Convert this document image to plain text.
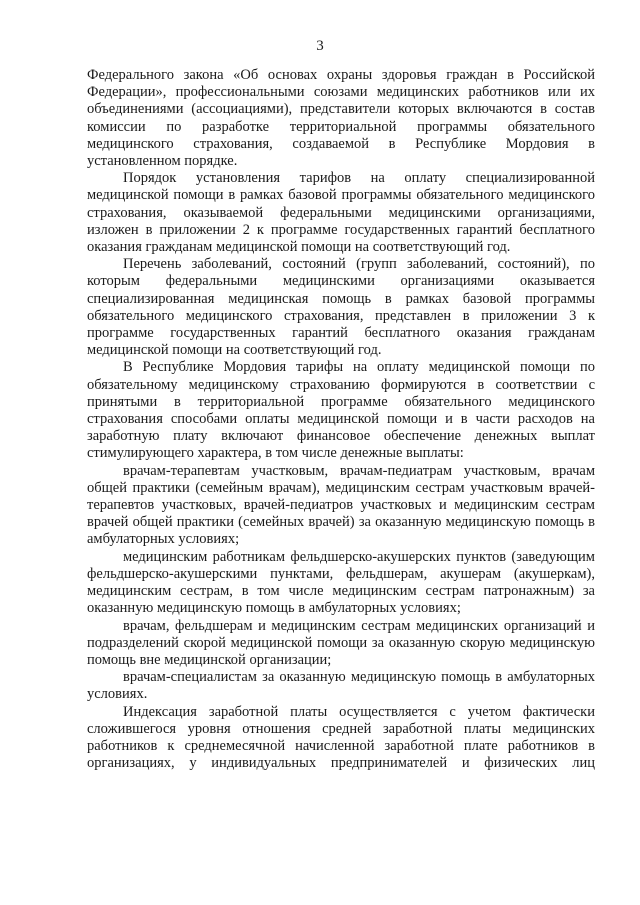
3

Федерального закона «Об основах охраны здоровья граждан в Российской Федерации», профессиональными союзами медицинских работников или их объединениями (ассоциациями), представители которых включаются в состав комиссии по разработке территориальной программы обязательного медицинского страхования, создаваемой в Республике Мордовия в установленном порядке.

Порядок установления тарифов на оплату специализированной медицинской помощи в рамках базовой программы обязательного медицинского страхования, оказываемой федеральными медицинскими организациями, изложен в приложении 2 к программе государственных гарантий бесплатного оказания гражданам медицинской помощи на соответствующий год.

Перечень заболеваний, состояний (групп заболеваний, состояний), по которым федеральными медицинскими организациями оказывается специализированная медицинская помощь в рамках базовой программы обязательного медицинского страхования, представлен в приложении 3 к программе государственных гарантий бесплатного оказания гражданам медицинской помощи на соответствующий год.

В Республике Мордовия тарифы на оплату медицинской помощи по обязательному медицинскому страхованию формируются в соответствии с принятыми в территориальной программе обязательного медицинского страхования способами оплаты медицинской помощи и в части расходов на заработную плату включают финансовое обеспечение денежных выплат стимулирующего характера, в том числе денежные выплаты:

врачам-терапевтам участковым, врачам-педиатрам участковым, врачам общей практики (семейным врачам), медицинским сестрам участковым врачей-терапевтов участковых, врачей-педиатров участковых и медицинским сестрам врачей общей практики (семейных врачей) за оказанную медицинскую помощь в амбулаторных условиях;

медицинским работникам фельдшерско-акушерских пунктов (заведующим фельдшерско-акушерскими пунктами, фельдшерам, акушерам (акушеркам), медицинским сестрам, в том числе медицинским сестрам патронажным) за оказанную медицинскую помощь в амбулаторных условиях;

врачам, фельдшерам и медицинским сестрам медицинских организаций и подразделений скорой медицинской помощи за оказанную скорую медицинскую помощь вне медицинской организации;

врачам-специалистам за оказанную медицинскую помощь в амбулаторных условиях.

Индексация заработной платы осуществляется с учетом фактически сложившегося уровня отношения средней заработной платы медицинских работников к среднемесячной начисленной заработной плате работников в организациях, у индивидуальных предпринимателей и физических лиц
